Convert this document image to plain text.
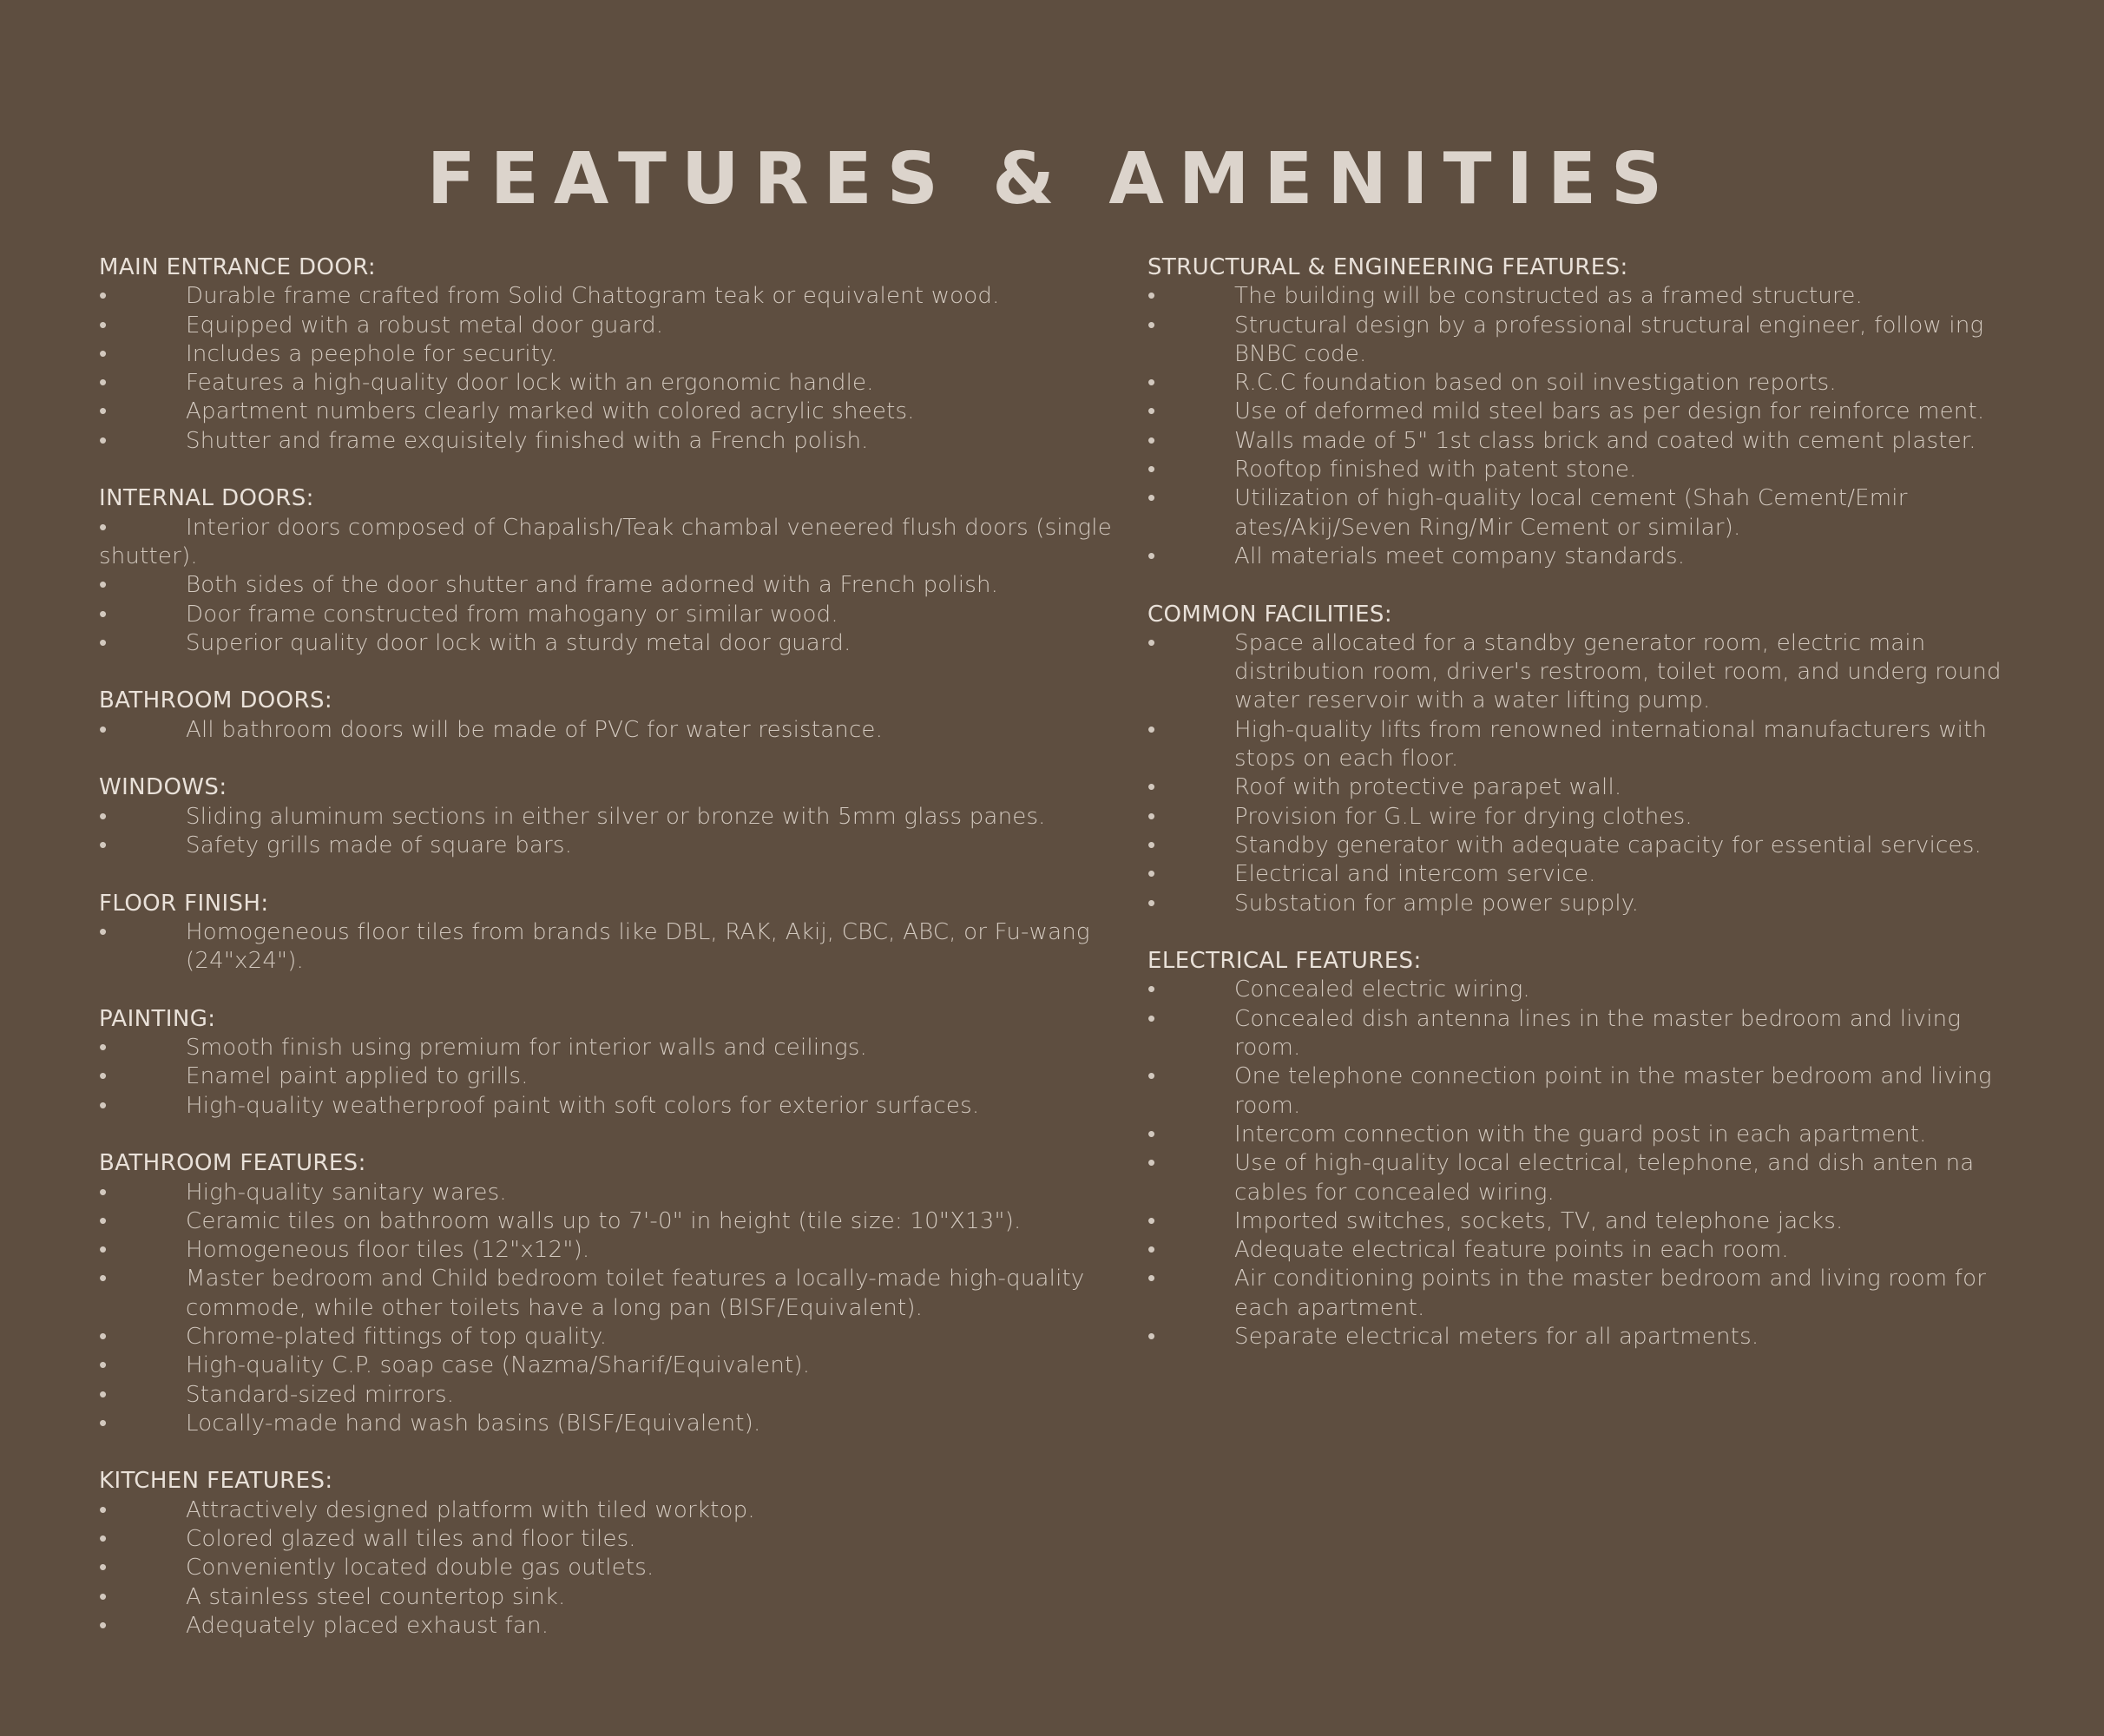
FEATURES & AMENITIES
MAIN ENTRANCE DOOR:
•	Durable frame crafted from Solid Chattogram teak or equivalent wood.
•	Equipped with a robust metal door guard.
•	Includes a peephole for security.
•	Features a high-quality door lock with an ergonomic handle.
•	Apartment numbers clearly marked with colored acrylic sheets.
•	Shutter and frame exquisitely finished with a French polish.
INTERNAL DOORS:
•	Interior doors composed of Chapalish/Teak chambal veneered flush doors (single shutter).
•	Both sides of the door shutter and frame adorned with a French polish.
•	Door frame constructed from mahogany or similar wood.
•	Superior quality door lock with a sturdy metal door guard.
BATHROOM DOORS:
•	All bathroom doors will be made of PVC for water resistance.
WINDOWS:
•	Sliding aluminum sections in either silver or bronze with 5mm glass panes.
•	Safety grills made of square bars.
FLOOR FINISH:
•	Homogeneous floor tiles from brands like DBL, RAK, Akij, CBC, ABC, or Fu-wang (24"x24").
PAINTING:
•	Smooth finish using premium for interior walls and ceilings.
•	Enamel paint applied to grills.
•	High-quality weatherproof paint with soft colors for exterior surfaces.
BATHROOM FEATURES:
•	High-quality sanitary wares.
•	Ceramic tiles on bathroom walls up to 7'-0" in height (tile size: 10"X13").
•	Homogeneous floor tiles (12"x12").
•	Master bedroom and Child bedroom toilet features a locally-made high-quality commode, while other toilets have a long pan (BISF/Equivalent).
•	Chrome-plated fittings of top quality.
•	High-quality C.P. soap case (Nazma/Sharif/Equivalent).
•	Standard-sized mirrors.
•	Locally-made hand wash basins (BISF/Equivalent).
KITCHEN FEATURES:
•	Attractively designed platform with tiled worktop.
•	Colored glazed wall tiles and floor tiles.
•	Conveniently located double gas outlets.
•	A stainless steel countertop sink.
•	Adequately placed exhaust fan.
STRUCTURAL & ENGINEERING FEATURES:
•	The building will be constructed as a framed structure.
•	Structural design by a professional structural engineer, follow ing BNBC code.
•	R.C.C foundation based on soil investigation reports.
•	Use of deformed mild steel bars as per design for reinforce ment.
•	Walls made of 5" 1st class brick and coated with cement plaster.
•	Rooftop finished with patent stone.
•	Utilization of high-quality local cement (Shah Cement/Emir ates/Akij/Seven Ring/Mir Cement or similar).
•	All materials meet company standards.
COMMON FACILITIES:
•	Space allocated for a standby generator room, electric main distribution room, driver's restroom, toilet room, and underg round water reservoir with a water lifting pump.
•	High-quality lifts from renowned international manufacturers with stops on each floor.
•	Roof with protective parapet wall.
•	Provision for G.L wire for drying clothes.
•	Standby generator with adequate capacity for essential services.
•	Electrical and intercom service.
•	Substation for ample power supply.
ELECTRICAL FEATURES:
•	Concealed electric wiring.
•	Concealed dish antenna lines in the master bedroom and living room.
•	One telephone connection point in the master bedroom and living room.
•	Intercom connection with the guard post in each apartment.
•	Use of high-quality local electrical, telephone, and dish anten na cables for concealed wiring.
•	Imported switches, sockets, TV, and telephone jacks.
•	Adequate electrical feature points in each room.
•	Air conditioning points in the master bedroom and living room for each apartment.
•	Separate electrical meters for all apartments.
